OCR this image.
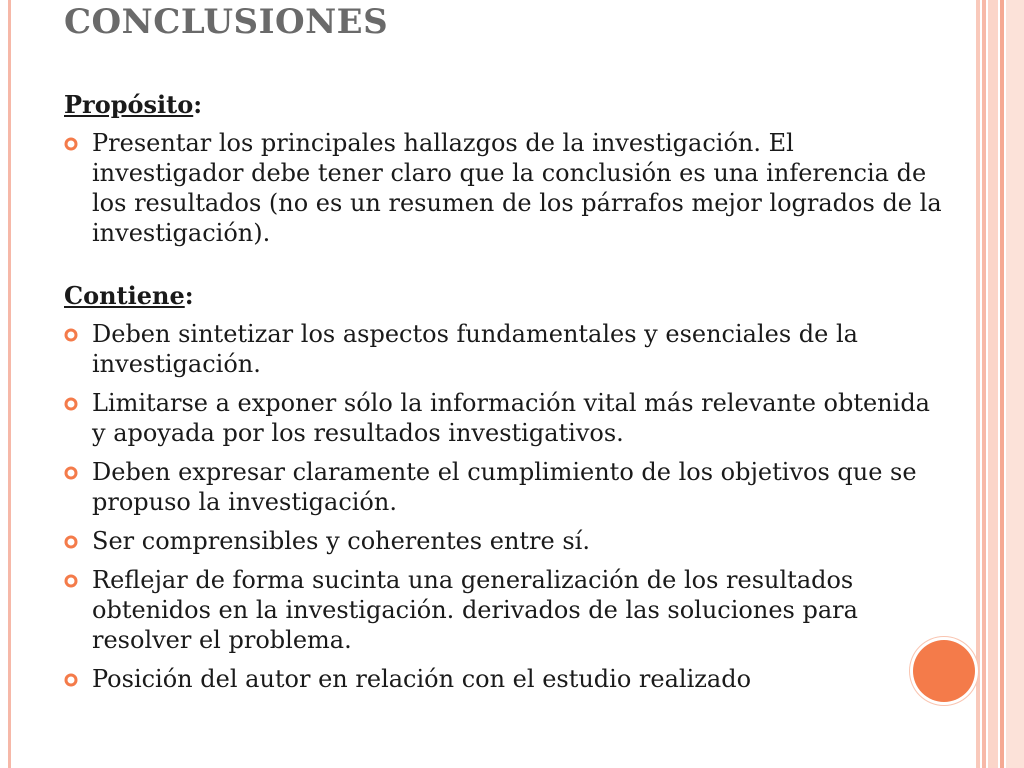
CONCLUSIONES

Propósito:

Presentar los principales hallazgos de la investigación. El investigador debe tener claro que la conclusión es una inferencia de los resultados (no es un resumen de los párrafos mejor logrados de la investigación).

Contiene:

Deben sintetizar los aspectos fundamentales y esenciales de la investigación.
Limitarse a exponer sólo la información vital más relevante obtenida y apoyada por los resultados investigativos.
Deben expresar claramente el cumplimiento de los objetivos que se propuso la investigación.
Ser comprensibles y coherentes entre sí.
Reflejar de forma sucinta una generalización de los resultados obtenidos en la investigación. derivados de las soluciones para resolver el problema.
Posición del autor en relación con el estudio realizado
